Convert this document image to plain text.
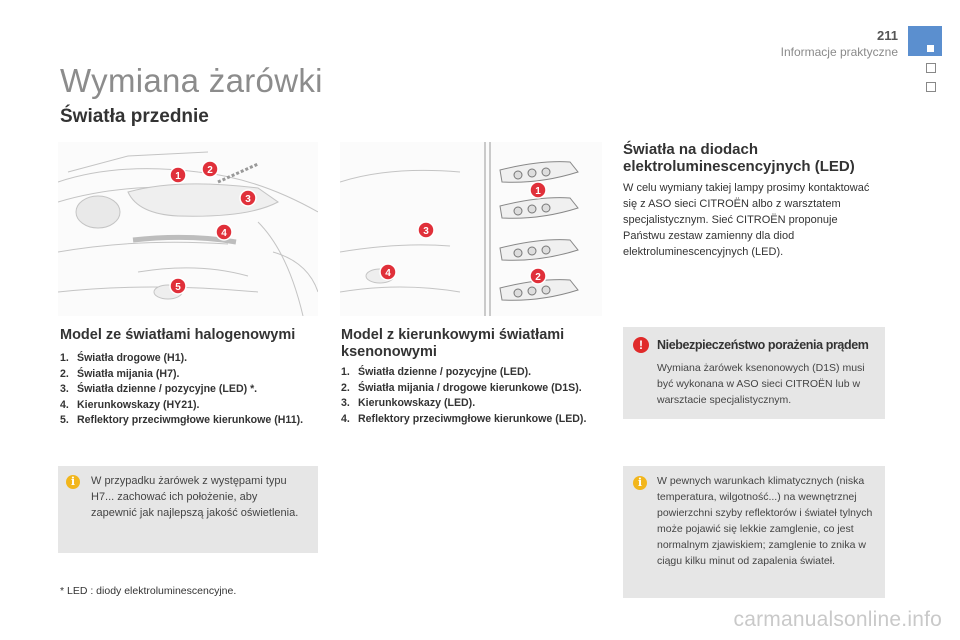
211
Informacje praktyczne
Wymiana żarówki
Światła przednie
1
2
3
4
5
1
2
3
4
Model ze światłami halogenowymi
1. Światła drogowe (H1).
2. Światła mijania (H7).
3. Światła dzienne / pozycyjne (LED) *.
4. Kierunkowskazy (HY21).
5. Reflektory przeciwmgłowe kierunkowe (H11).
i	W przypadku żarówek z występami typu H7... zachować ich położenie, aby zapewnić jak najlepszą jakość oświetlenia.
* LED : diody elektroluminescencyjne.
Model z kierunkowymi światłami ksenonowymi
1. Światła dzienne / pozycyjne (LED).
2. Światła mijania / drogowe kierunkowe (D1S).
3. Kierunkowskazy (LED).
4. Reflektory przeciwmgłowe kierunkowe (LED).
Światła na diodach elektroluminescencyjnych (LED)
W celu wymiany takiej lampy prosimy kontaktować się z ASO sieci CITROËN albo z warsztatem specjalistycznym. Sieć CITROËN proponuje Państwu zestaw zamienny dla diod elektroluminescencyjnych (LED).
!	Niebezpieczeństwo porażenia prądem
Wymiana żarówek ksenonowych (D1S) musi być wykonana w ASO sieci CITROËN lub w warsztacie specjalistycznym.
i	W pewnych warunkach klimatycznych (niska temperatura, wilgotność...) na wewnętrznej powierzchni szyby reflektorów i świateł tylnych może pojawić się lekkie zamglenie, co jest normalnym zjawiskiem; zamglenie to znika w ciągu kilku minut od zapalenia świateł.
carmanualsonline.info
